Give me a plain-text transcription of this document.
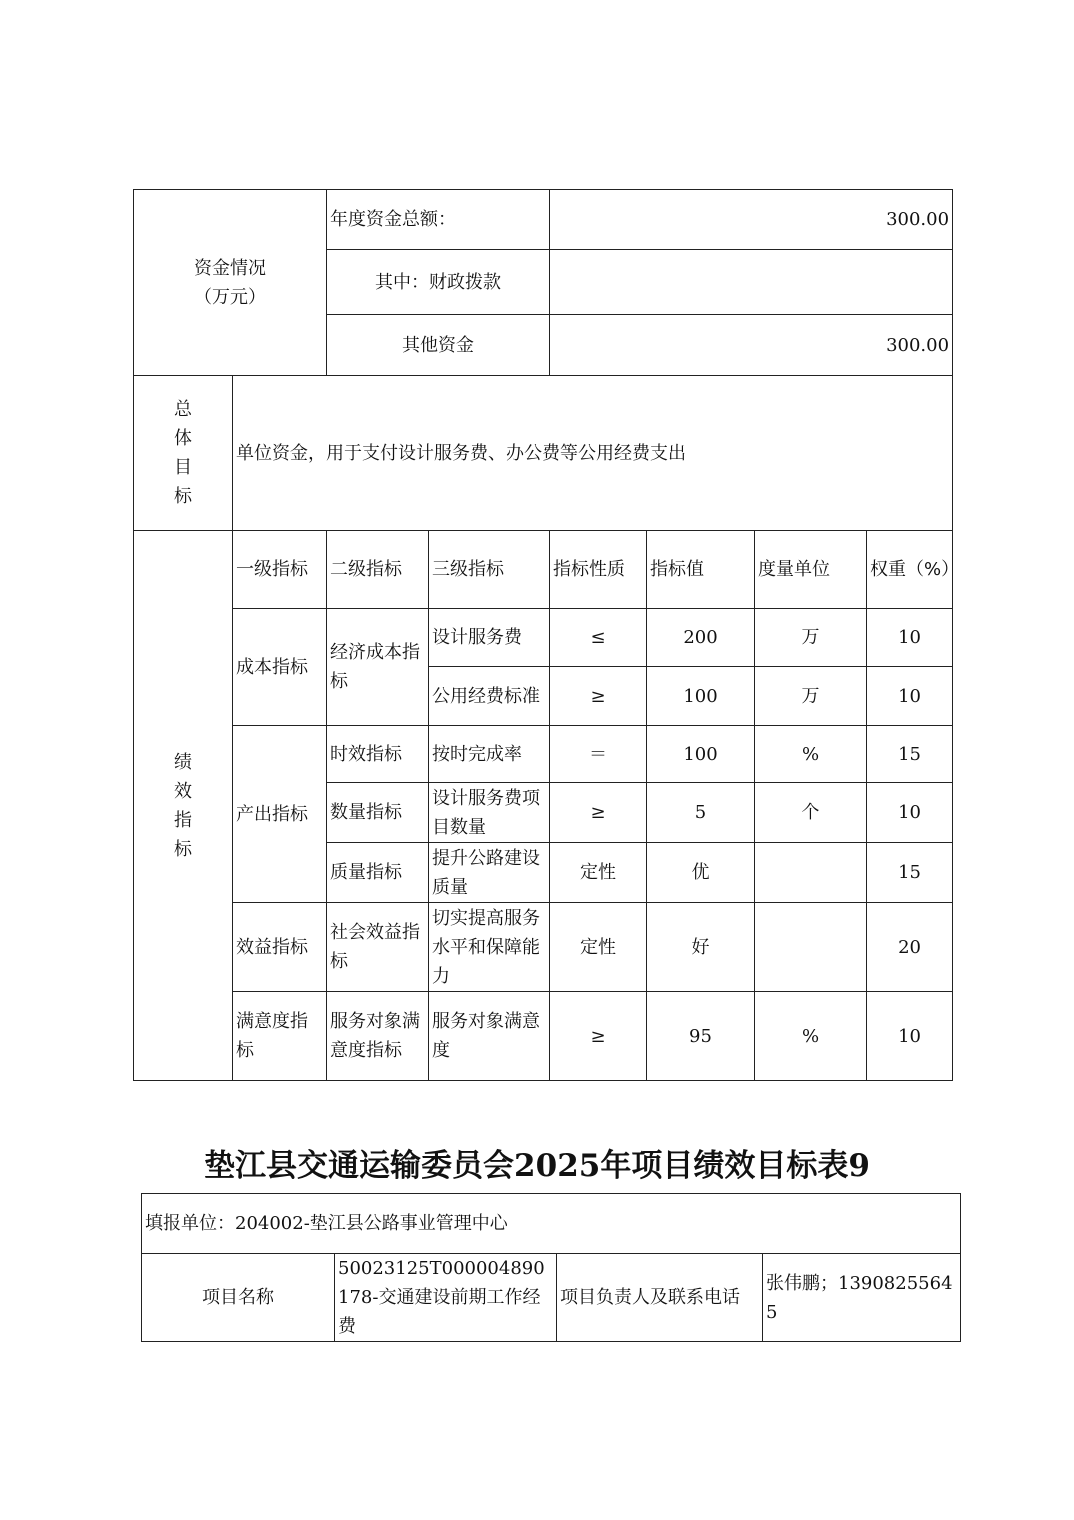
资金情况
（万元）		年度资金总额：		300.00			
		其中：财政拨款					
		其他资金		300.00			

总
体
目
标	单位资金，用于支付设计服务费、办公费等公用经费支出						

绩
效
指
标	一级指标	二级指标	三级指标	指标性质	指标值	度量单位	权重（%）
	成本指标	经济成本指标	设计服务费	≤	200	万	10
			公用经费标准	≥	100	万	10
	产出指标	时效指标	按时完成率	＝	100	%	15
		数量指标	设计服务费项目数量	≥	5	个	10
		质量指标	提升公路建设质量	定性	优		15
	效益指标	社会效益指标	切实提高服务水平和保障能力	定性	好		20
	满意度指标	服务对象满意度指标	服务对象满意度	≥	95	%	10
垫江县交通运输委员会2025年项目绩效目标表9
填报单位：204002-垫江县公路事业管理中心
项目名称	50023125T000004890178-交通建设前期工作经费	项目负责人及联系电话	张伟鹏；13908255645
